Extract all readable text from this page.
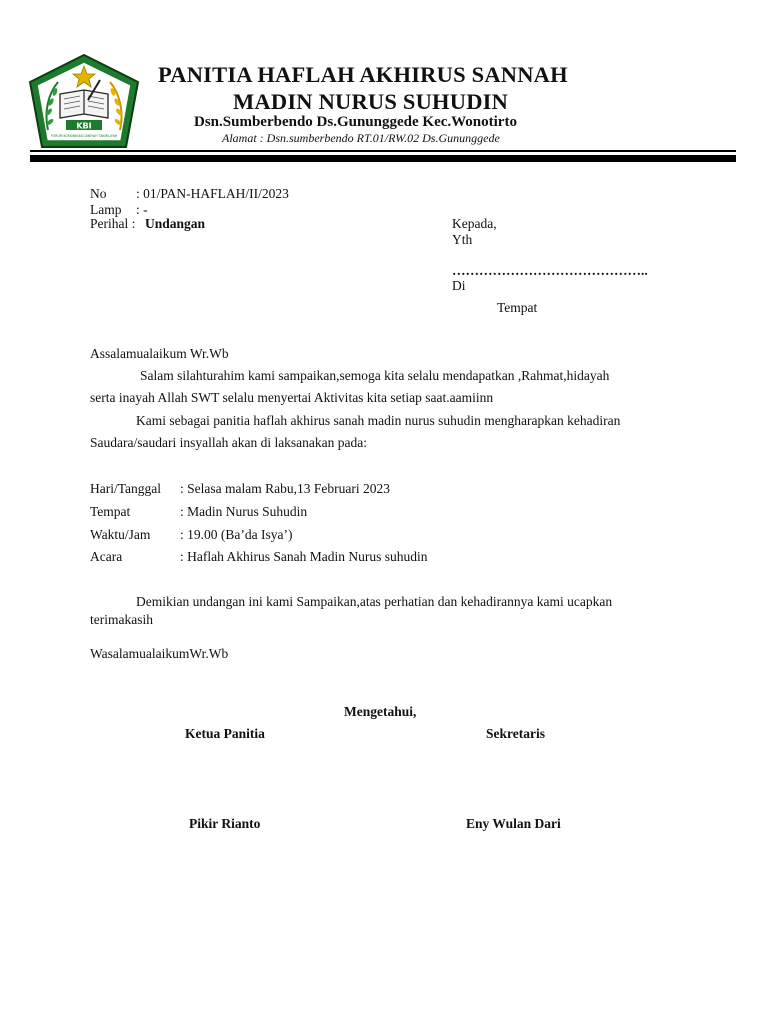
KBI
FORUM KOMUNIKASI DINIYAH TAKMILIYAH
PANITIA HAFLAH AKHIRUS SANNAH
MADIN NURUS SUHUDIN
Dsn.Sumberbendo Ds.Gununggede Kec.Wonotirto
Alamat : Dsn.sumberbendo RT.01/RW.02 Ds.Gununggede
No : 01/PAN-HAFLAH/II/2023
Lamp : -
Perihal : Undangan	Kepada,
Yth
……………………………………..
Di
Tempat
Assalamualaikum Wr.Wb
Salam silahturahim kami sampaikan,semoga kita selalu mendapatkan ,Rahmat,hidayah
serta inayah Allah SWT selalu menyertai Aktivitas kita setiap saat.aamiinn
Kami sebagai panitia haflah akhirus sanah madin nurus suhudin mengharapkan kehadiran
Saudara/saudari insyallah akan di laksanakan pada:
Hari/Tanggal : Selasa malam Rabu,13 Februari 2023
Tempat	: Madin Nurus Suhudin
Waktu/Jam : 19.00 (Ba’da Isya’)
Acara	: Haflah Akhirus Sanah Madin Nurus suhudin
Demikian undangan ini kami Sampaikan,atas perhatian dan kehadirannya kami ucapkan
terimakasih
WasalamualaikumWr.Wb
Mengetahui,
Ketua Panitia	Sekretaris
Pikir Rianto	Eny Wulan Dari
